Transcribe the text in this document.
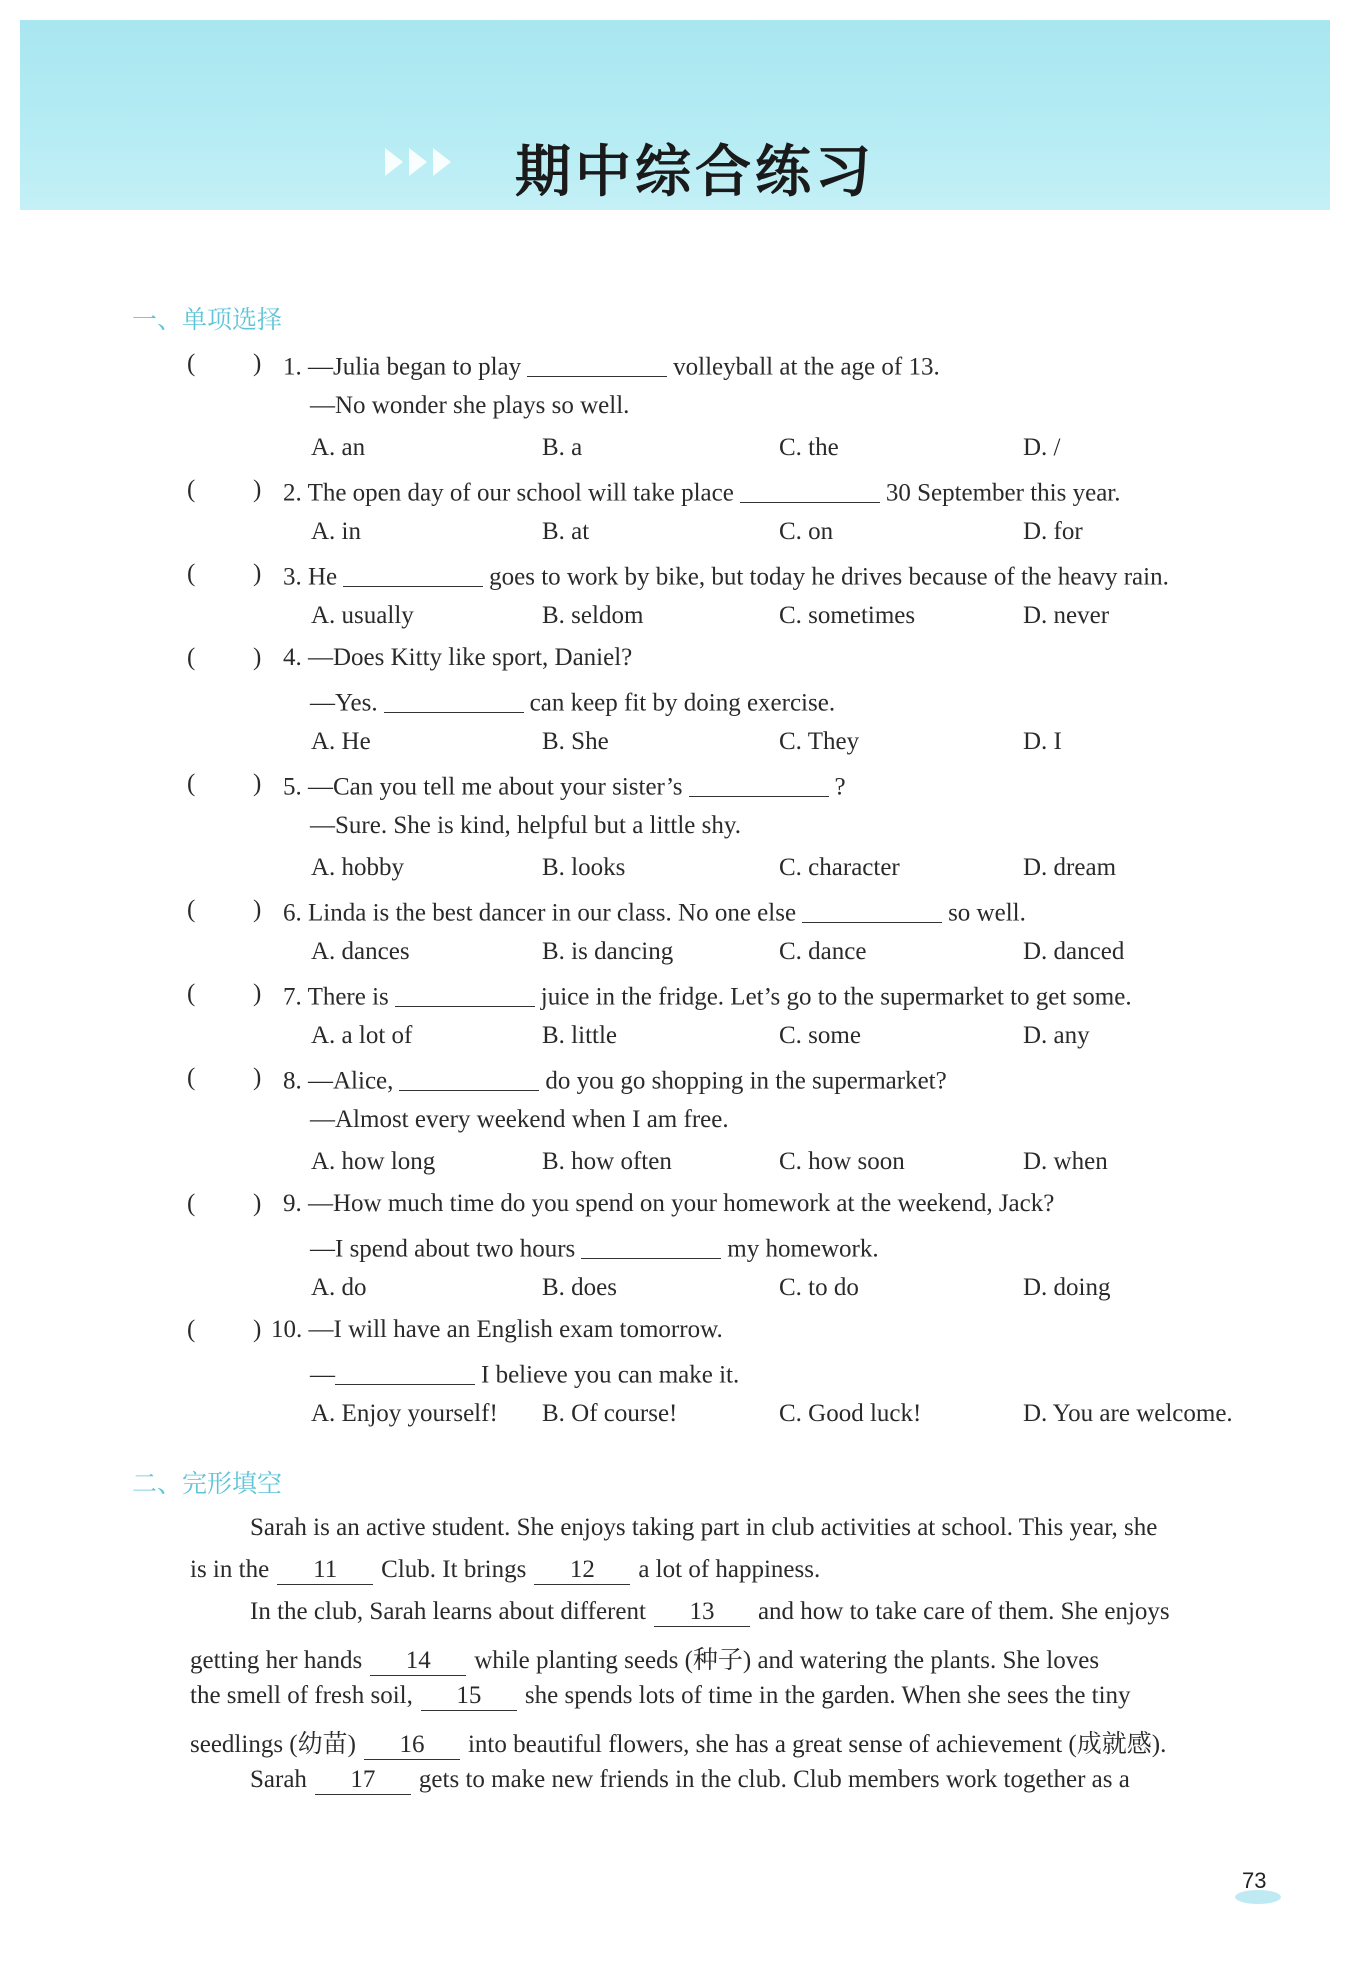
期中综合练习
一、单项选择
( ) 1. —Julia began to play	volleyball at the age of 13.
—No wonder she plays so well.
A. an	B. a	C. the	D. /
( ) 2. The open day of our school will take place	30 September this year.
A. in	B. at	C. on	D. for
( ) 3. He	goes to work by bike, but today he drives because of the heavy rain.
A. usually	B. seldom	C. sometimes	D. never
( ) 4. —Does Kitty like sport, Daniel?
—Yes.	can keep fit by doing exercise.
A. He	B. She	C. They	D. I
( ) 5. —Can you tell me about your sister’s	?
—Sure. She is kind, helpful but a little shy.
A. hobby	B. looks	C. character	D. dream
( ) 6. Linda is the best dancer in our class. No one else	so well.
A. dances	B. is dancing	C. dance	D. danced
( ) 7. There is	juice in the fridge. Let’s go to the supermarket to get some.
A. a lot of	B. little	C. some	D. any
( ) 8. —Alice,	do you go shopping in the supermarket?
—Almost every weekend when I am free.
A. how long	B. how often	C. how soon	D. when
( ) 9. —How much time do you spend on your homework at the weekend, Jack?
—I spend about two hours	my homework.
A. do	B. does	C. to do	D. doing
( ) 10. —I will have an English exam tomorrow.
—	I believe you can make it.
A. Enjoy yourself! B. Of course!	C. Good luck!	D. You are welcome.
二、完形填空
Sarah is an active student. She enjoys taking part in club activities at school. This year, she
is in the 11 Club. It brings 12 a lot of happiness.
In the club, Sarah learns about different 13 and how to take care of them. She enjoys
getting her hands 14 while planting seeds (种子) and watering the plants. She loves
the smell of fresh soil, 15 she spends lots of time in the garden. When she sees the tiny
seedlings (幼苗) 16 into beautiful flowers, she has a great sense of achievement (成就感).
Sarah 17 gets to make new friends in the club. Club members work together as a
73
